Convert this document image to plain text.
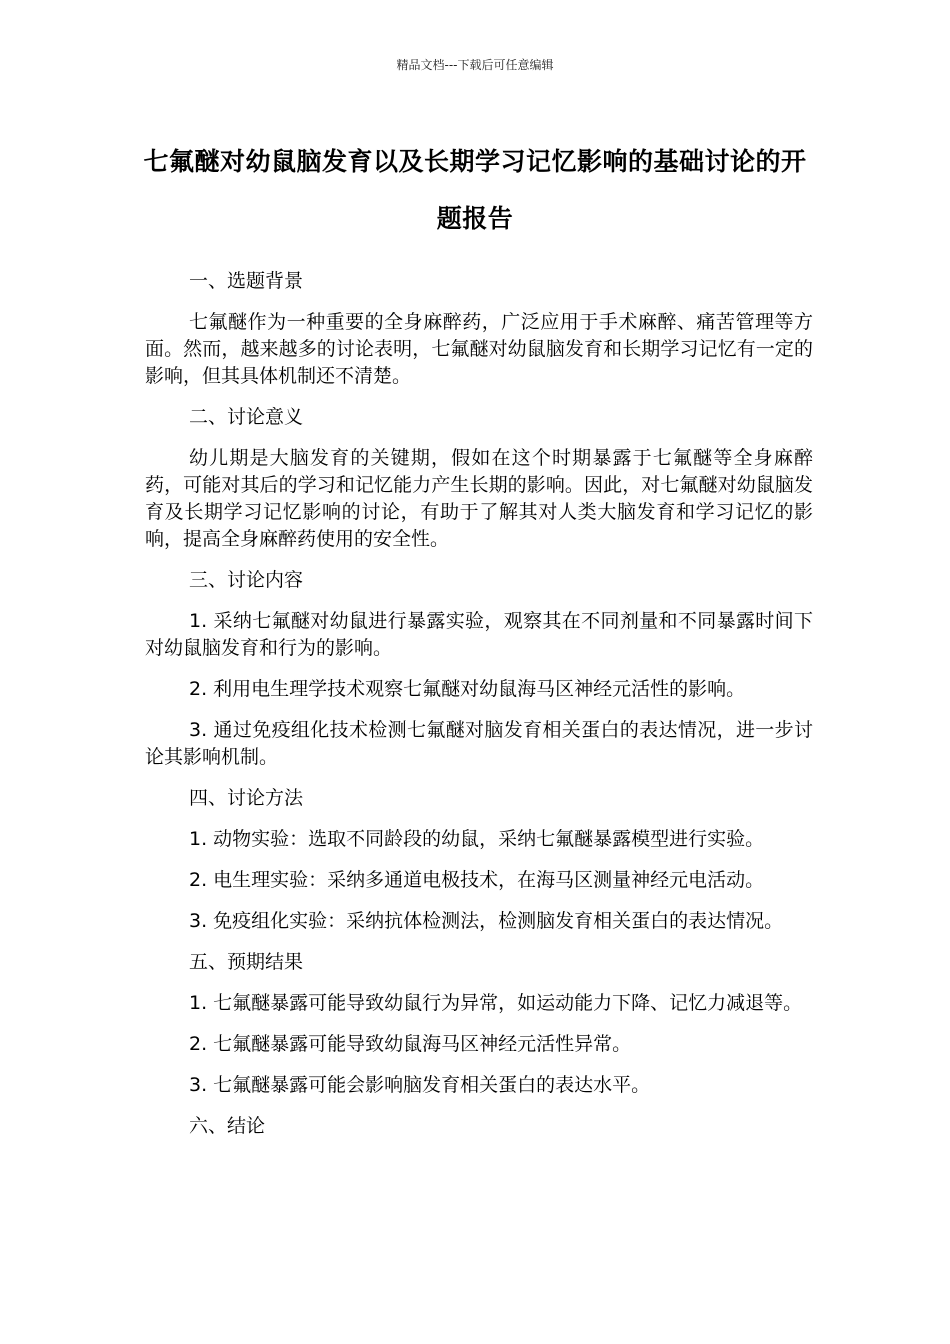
精品文档---下载后可任意编辑
七氟醚对幼鼠脑发育以及长期学习记忆影响的基础讨论的开题报告

一、选题背景

七氟醚作为一种重要的全身麻醉药，广泛应用于手术麻醉、痛苦管理等方面。然而，越来越多的讨论表明，七氟醚对幼鼠脑发育和长期学习记忆有一定的影响，但其具体机制还不清楚。

二、讨论意义

幼儿期是大脑发育的关键期，假如在这个时期暴露于七氟醚等全身麻醉药，可能对其后的学习和记忆能力产生长期的影响。因此，对七氟醚对幼鼠脑发育及长期学习记忆影响的讨论，有助于了解其对人类大脑发育和学习记忆的影响，提高全身麻醉药使用的安全性。

三、讨论内容

1. 采纳七氟醚对幼鼠进行暴露实验，观察其在不同剂量和不同暴露时间下对幼鼠脑发育和行为的影响。

2. 利用电生理学技术观察七氟醚对幼鼠海马区神经元活性的影响。

3. 通过免疫组化技术检测七氟醚对脑发育相关蛋白的表达情况，进一步讨论其影响机制。

四、讨论方法

1. 动物实验：选取不同龄段的幼鼠，采纳七氟醚暴露模型进行实验。

2. 电生理实验：采纳多通道电极技术，在海马区测量神经元电活动。

3. 免疫组化实验：采纳抗体检测法，检测脑发育相关蛋白的表达情况。

五、预期结果

1. 七氟醚暴露可能导致幼鼠行为异常，如运动能力下降、记忆力减退等。

2. 七氟醚暴露可能导致幼鼠海马区神经元活性异常。

3. 七氟醚暴露可能会影响脑发育相关蛋白的表达水平。

六、结论
